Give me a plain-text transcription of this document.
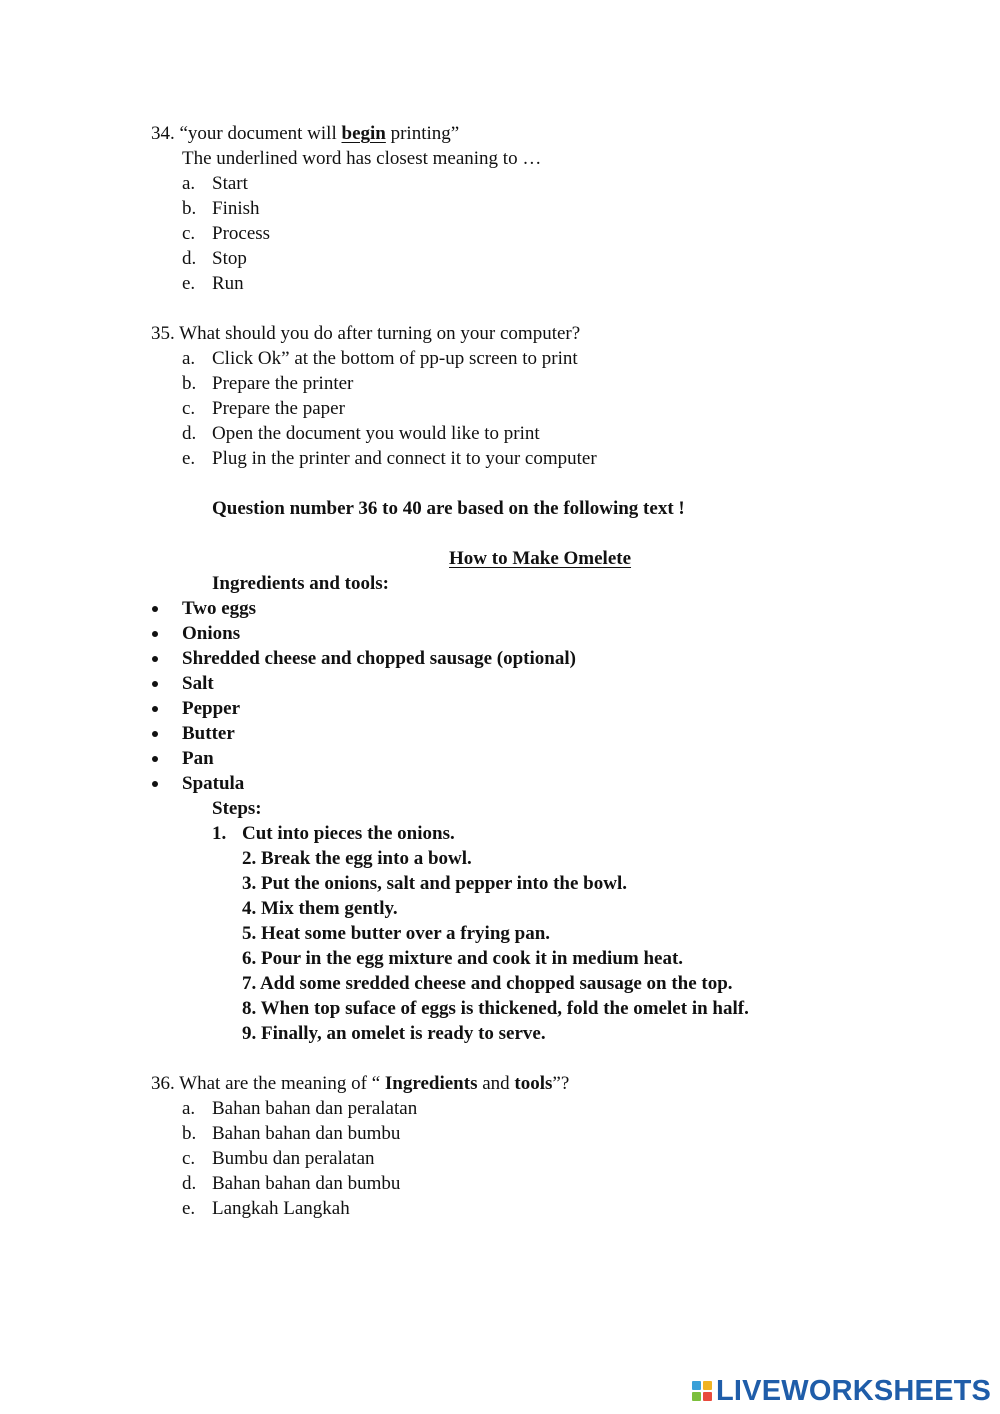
34. “your document will begin printing”
The underlined word has closest meaning to …
a. Start
b. Finish
c. Process
d. Stop
e. Run
35. What should you do after turning on your computer?
a. Click Ok” at the bottom of pp-up screen to print
b. Prepare the printer
c. Prepare the paper
d. Open the document you would like to print
e. Plug in the printer and connect it to your computer
Question number 36 to 40 are based on the following text !
How to Make Omelete
Ingredients and tools:
Two eggs
Onions
Shredded cheese and chopped sausage (optional)
Salt
Pepper
Butter
Pan
Spatula
Steps:
1. Cut into pieces the onions.
2. Break the egg into a bowl.
3. Put the onions, salt and pepper into the bowl.
4. Mix them gently.
5. Heat some butter over a frying pan.
6. Pour in the egg mixture and cook it in medium heat.
7. Add some sredded cheese and chopped sausage on the top.
8. When top suface of eggs is thickened, fold the omelet in half.
9. Finally, an omelet is ready to serve.
36. What are the meaning of “ Ingredients and tools”?
a. Bahan bahan dan peralatan
b. Bahan bahan dan bumbu
c. Bumbu dan peralatan
d. Bahan bahan dan bumbu
e. Langkah Langkah
LIVEWORKSHEETS
